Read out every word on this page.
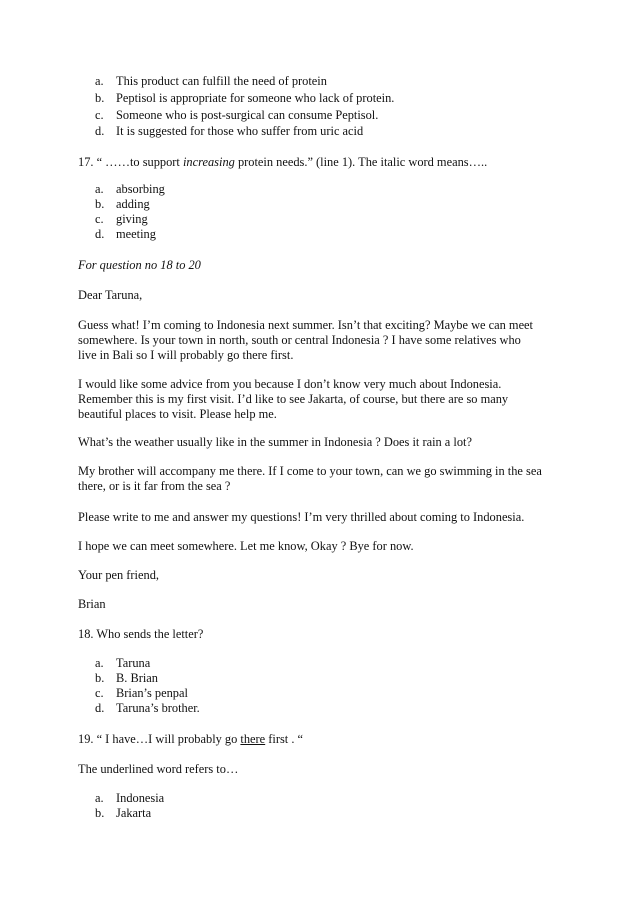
a. This product can fulfill the need of protein
b. Peptisol is appropriate for someone who lack of protein.
c. Someone who is post-surgical can consume Peptisol.
d. It is suggested for those who suffer from uric acid
17. “ ……to support increasing protein needs.” (line 1). The italic word means…..
a. absorbing
b. adding
c. giving
d. meeting
For question no 18 to 20
Dear Taruna,
Guess what! I’m coming to Indonesia next summer. Isn’t that exciting? Maybe we can meet
somewhere. Is your town in north, south or central Indonesia ? I have some relatives who
live in Bali so I will probably go there first.
I would like some advice from you because I don’t know very much about Indonesia.
Remember this is my first visit. I’d like to see Jakarta, of course, but there are so many
beautiful places to visit. Please help me.
What’s the weather usually like in the summer in Indonesia ? Does it rain a lot?
My brother will accompany me there. If I come to your town, can we go swimming in the sea
there, or is it far from the sea ?
Please write to me and answer my questions! I’m very thrilled about coming to Indonesia.
I hope we can meet somewhere. Let me know, Okay ? Bye for now.
Your pen friend,
Brian
18. Who sends the letter?
a. Taruna
b. B. Brian
c. Brian’s penpal
d. Taruna’s brother.
19. “ I have…I will probably go there first . “
The underlined word refers to…
a. Indonesia
b. Jakarta
